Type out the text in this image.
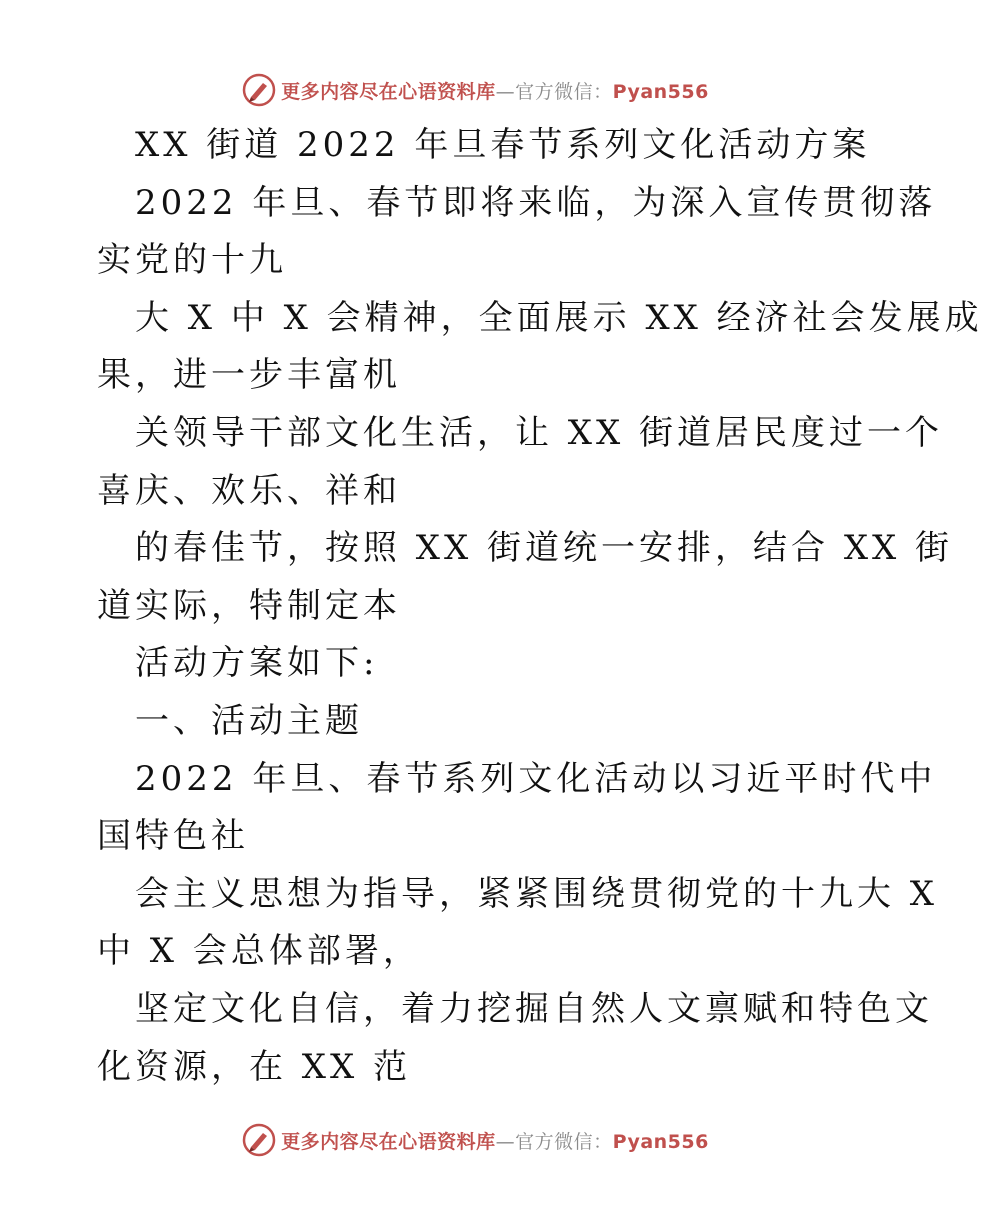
更多内容尽在心语资料库—官方微信：Pyan556
XX 街道 2022 年旦春节系列文化活动方案
2022 年旦、春节即将来临，为深入宣传贯彻落
实党的十九
大 X 中 X 会精神，全面展示 XX 经济社会发展成
果，进一步丰富机
关领导干部文化生活，让 XX 街道居民度过一个
喜庆、欢乐、祥和
的春佳节，按照 XX 街道统一安排，结合 XX 街
道实际，特制定本
活动方案如下:
一、活动主题
2022 年旦、春节系列文化活动以习近平时代中
国特色社
会主义思想为指导，紧紧围绕贯彻党的十九大 X
中 X 会总体部署，
坚定文化自信，着力挖掘自然人文禀赋和特色文
化资源，在 XX 范
更多内容尽在心语资料库—官方微信：Pyan556
